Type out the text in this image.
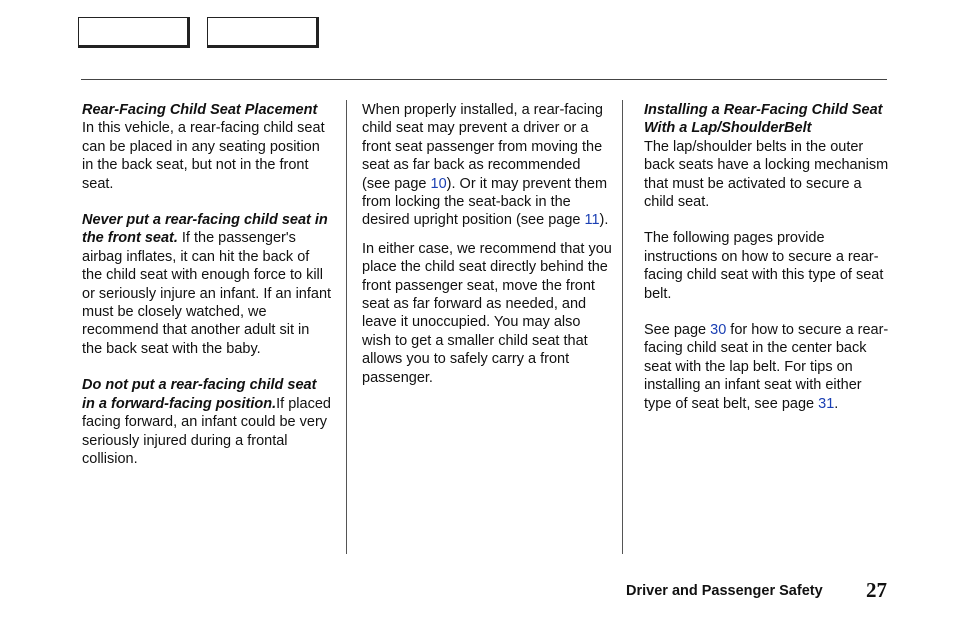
Rear-Facing Child Seat Placement

In this vehicle, a rear-facing child seat can be placed in any seating position in the back seat, but not in the front seat.

Never put a rear-facing child seat in the front seat. If the passenger's airbag inflates, it can hit the back of the child seat with enough force to kill or seriously injure an infant. If an infant must be closely watched, we recommend that another adult sit in the back seat with the baby.

Do not put a rear-facing child seat in a forward-facing position.If placed facing forward, an infant could be very seriously injured during a frontal collision.

When properly installed, a rear-facing child seat may prevent a driver or a front seat passenger from moving the seat as far back as recommended (see page 10). Or it may prevent them from locking the seat-back in the desired upright position (see page 11).

In either case, we recommend that you place the child seat directly behind the front passenger seat, move the front seat as far forward as needed, and leave it unoccupied. You may also wish to get a smaller child seat that allows you to safely carry a front passenger.

Installing a Rear-Facing Child Seat With a Lap/ShoulderBelt

The lap/shoulder belts in the outer back seats have a locking mechanism that must be activated to secure a child seat.

The following pages provide instructions on how to secure a rear-facing child seat with this type of seat belt.

See page 30 for how to secure a rear-facing child seat in the center back seat with the lap belt. For tips on installing an infant seat with either type of seat belt, see page 31.

Driver and Passenger Safety 27
